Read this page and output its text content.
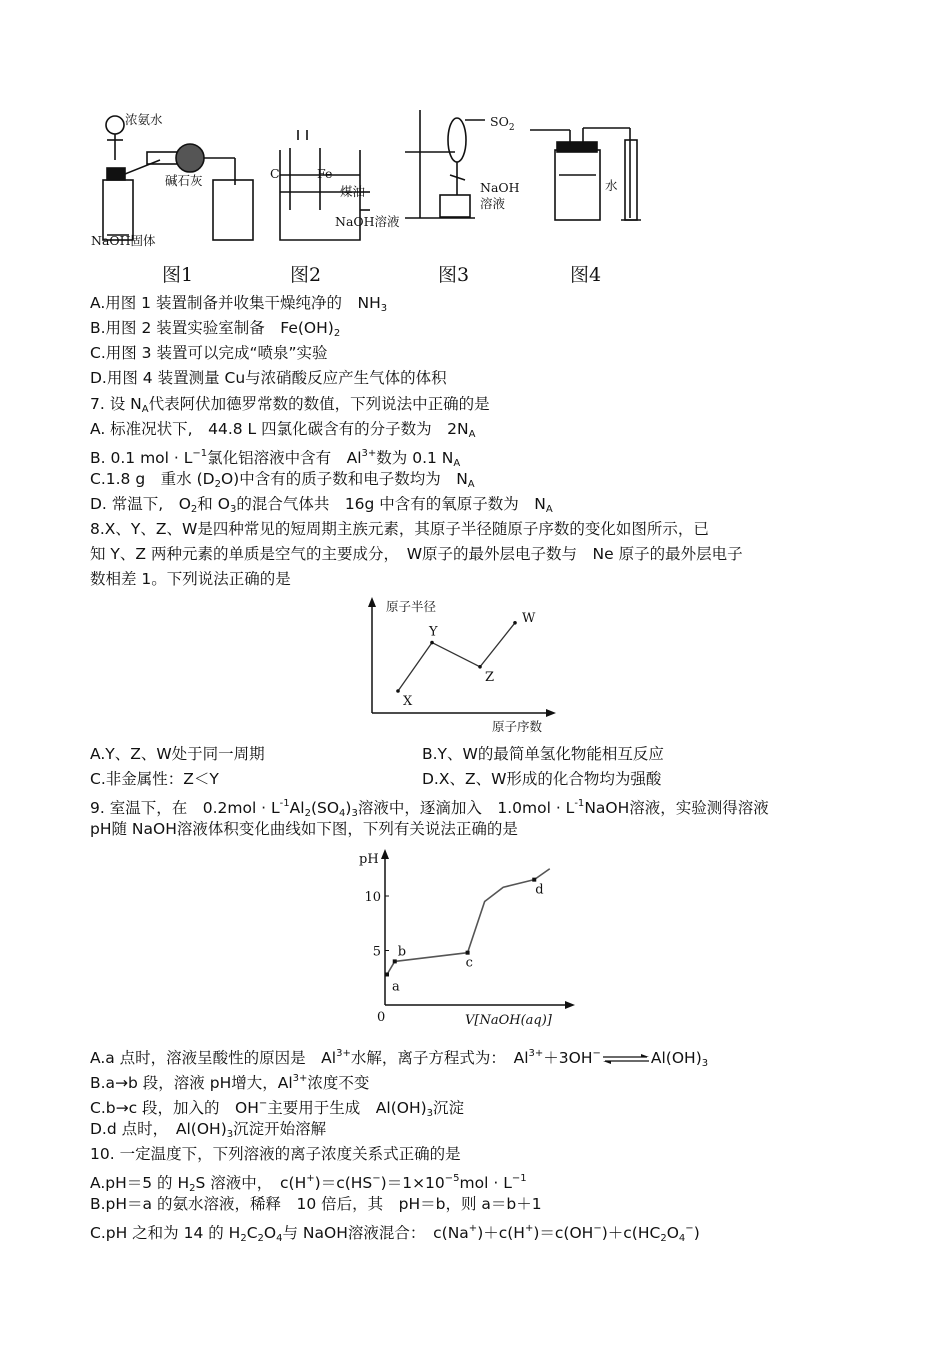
浓氨水
碱石灰
NaOH固体
C	Fe
煤油
NaOH溶液
$SO_2$
NaOH
溶液
水
图1	图2	图3	图4
A.用图 1 装置制备并收集干燥纯净的　$NH_3$
B.用图 2 装置实验室制备　$Fe(OH)_2$
C.用图 3 装置可以完成“喷泉”实验
D.用图 4 装置测量 Cu与浓硝酸反应产生气体的体积
7. 设 $N_A$代表阿伏加德罗常数的数值，下列说法中正确的是
A. 标准况状下,　44.8 L 四氯化碳含有的分子数为　$2N_A$
B. 0.1 mol · $L^{-1}$氯化铝溶液中含有　$Al^{3+}$数为 0.1 $N_A$
C.1.8 g　重水 $(D_2O)$中含有的质子数和电子数均为　$N_A$
D. 常温下,　$O_2$和 $O_3$的混合气体共　16g 中含有的氧原子数为　$N_A$
8.X、Y、Z、W是四种常见的短周期主族元素，其原子半径随原子序数的变化如图所示，已
知 Y、Z 两种元素的单质是空气的主要成分，　W原子的最外层电子数与　Ne 原子的最外层电子
数相差 1。下列说法正确的是
原子半径
原子序数
X
Y
Z
W
A.Y、Z、W处于同一周期	B.Y、W的最简单氢化物能相互反应
C.非金属性：Z＜Y	D.X、Z、W形成的化合物均为强酸
9. 室温下，在　$0.2mol \cdot L^{-1}Al_2(SO_4)_3$溶液中，逐滴加入　$1.0mol \cdot L^{-1}NaOH$溶液，实验测得溶液
pH随 NaOH溶液体积变化曲线如下图，下列有关说法正确的是
pH
V[NaOH(aq)]
0
5
10
a
b
c
d
A.a 点时，溶液呈酸性的原因是　$Al^{3+}$水解，离子方程式为：　$Al^{3+}+3OH^-\rightleftharpoons Al(OH)_3$
B.a→b 段，溶液 pH增大，$Al^{3+}$浓度不变
C.b→c 段，加入的　OH−主要用于生成　$Al(OH)_3$沉淀
D.d 点时，　$Al(OH)_3$沉淀开始溶解
10. 一定温度下，下列溶液的离子浓度关系式正确的是
A.pH＝5 的 $H_2S$ 溶液中，　$c(H^+)=c(HS^-)=1\times 10^{-5}mol \cdot L^{-1}$
B.pH＝a 的氨水溶液，稀释　10 倍后，其　pH＝b，则 a＝b＋1
C.pH 之和为 14 的 $H_2C_2O_4$与 NaOH溶液混合：　$c(Na^+)+c(H^+)=c(OH^-)+c(HC_2O_4^-)$
